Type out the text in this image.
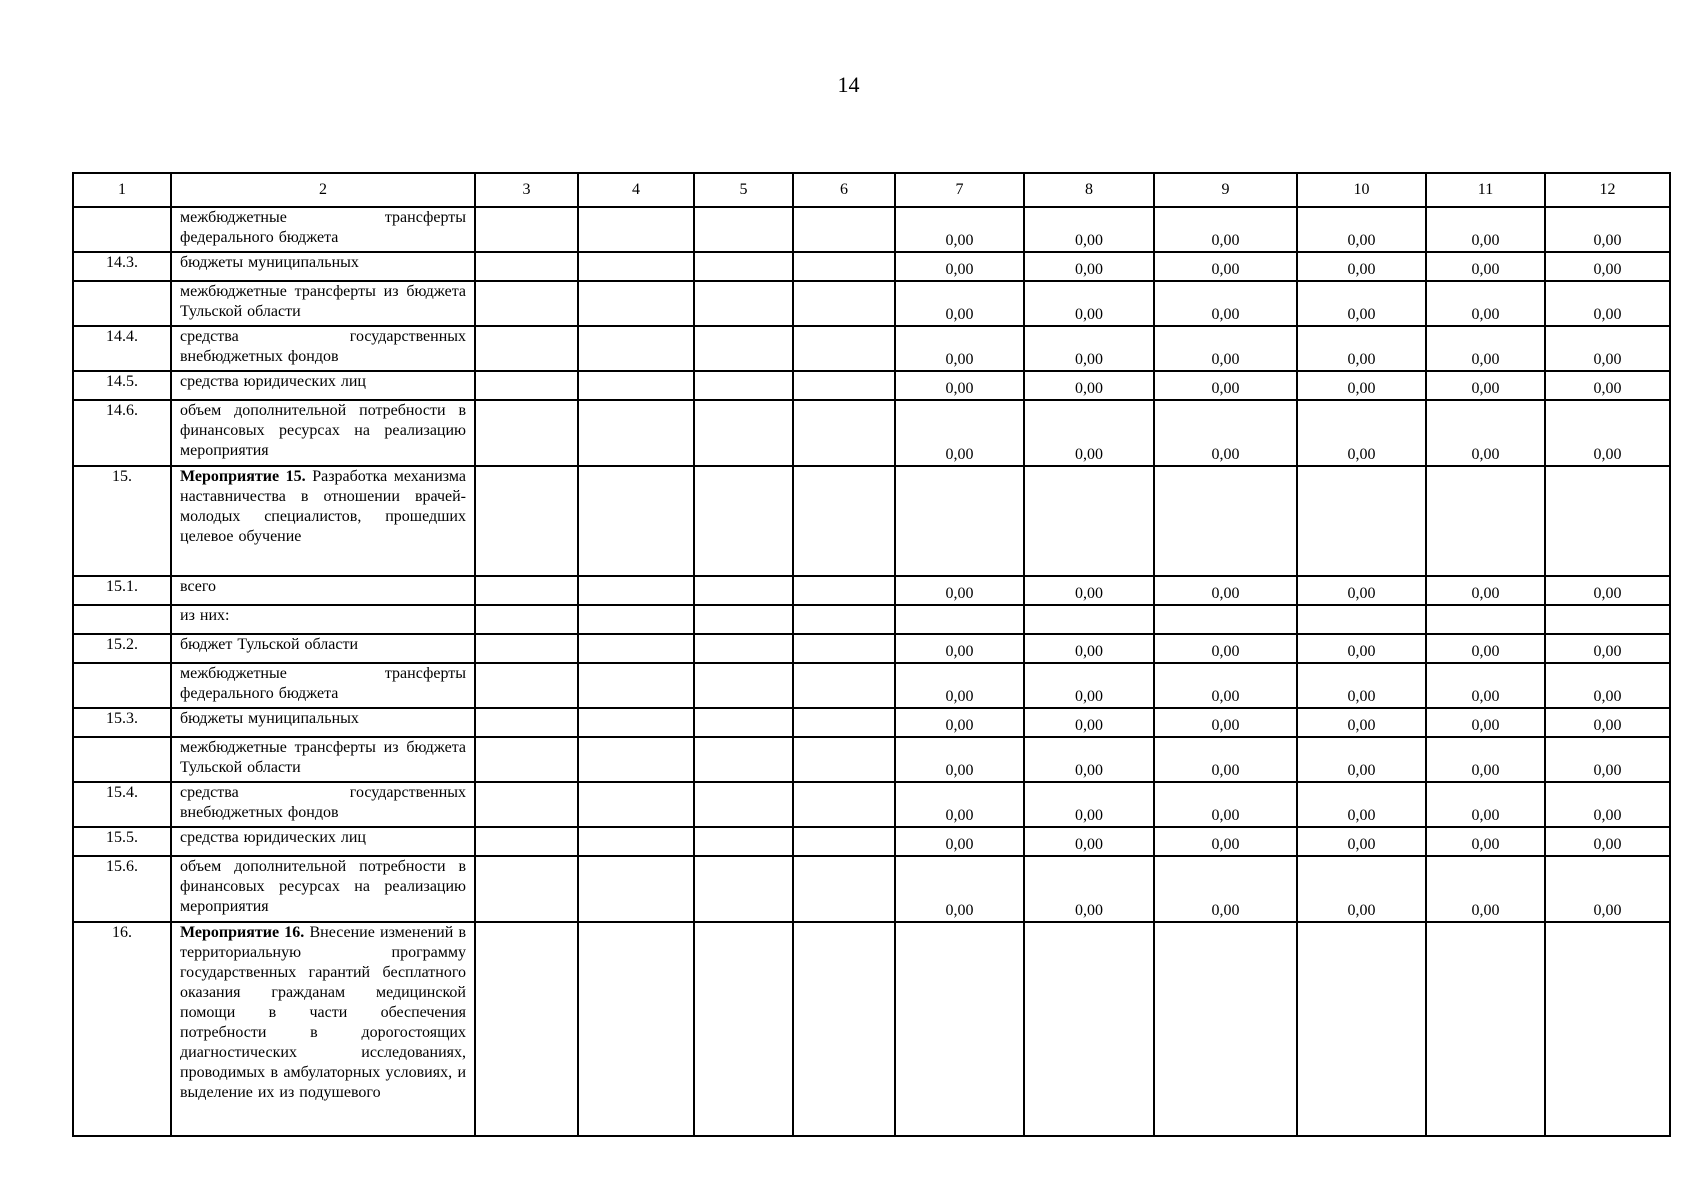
14
1	2	3	4	5	6	7	8	9	10	11	12
	межбюджетные трансферты федерального бюджета					0,00	0,00	0,00	0,00	0,00	0,00
14.3.	бюджеты муниципальных					0,00	0,00	0,00	0,00	0,00	0,00
	межбюджетные трансферты из бюджета Тульской области					0,00	0,00	0,00	0,00	0,00	0,00
14.4.	средства государственных внебюджетных фондов					0,00	0,00	0,00	0,00	0,00	0,00
14.5.	средства юридических лиц					0,00	0,00	0,00	0,00	0,00	0,00
14.6.	объем дополнительной потребности в финансовых ресурсах на реализацию мероприятия					0,00	0,00	0,00	0,00	0,00	0,00
15.	Мероприятие 15. Разработка механизма наставничества в отношении врачей-молодых специалистов, прошедших целевое обучение										
15.1.	всего					0,00	0,00	0,00	0,00	0,00	0,00
	из них:										
15.2.	бюджет Тульской области					0,00	0,00	0,00	0,00	0,00	0,00
	межбюджетные трансферты федерального бюджета					0,00	0,00	0,00	0,00	0,00	0,00
15.3.	бюджеты муниципальных					0,00	0,00	0,00	0,00	0,00	0,00
	межбюджетные трансферты из бюджета Тульской области					0,00	0,00	0,00	0,00	0,00	0,00
15.4.	средства государственных внебюджетных фондов					0,00	0,00	0,00	0,00	0,00	0,00
15.5.	средства юридических лиц					0,00	0,00	0,00	0,00	0,00	0,00
15.6.	объем дополнительной потребности в финансовых ресурсах на реализацию мероприятия					0,00	0,00	0,00	0,00	0,00	0,00
16.	Мероприятие 16. Внесение изменений в территориальную программу государственных гарантий бесплатного оказания гражданам медицинской помощи в части обеспечения потребности в дорогостоящих диагностических исследованиях, проводимых в амбулаторных условиях, и выделение их из подушевого										
